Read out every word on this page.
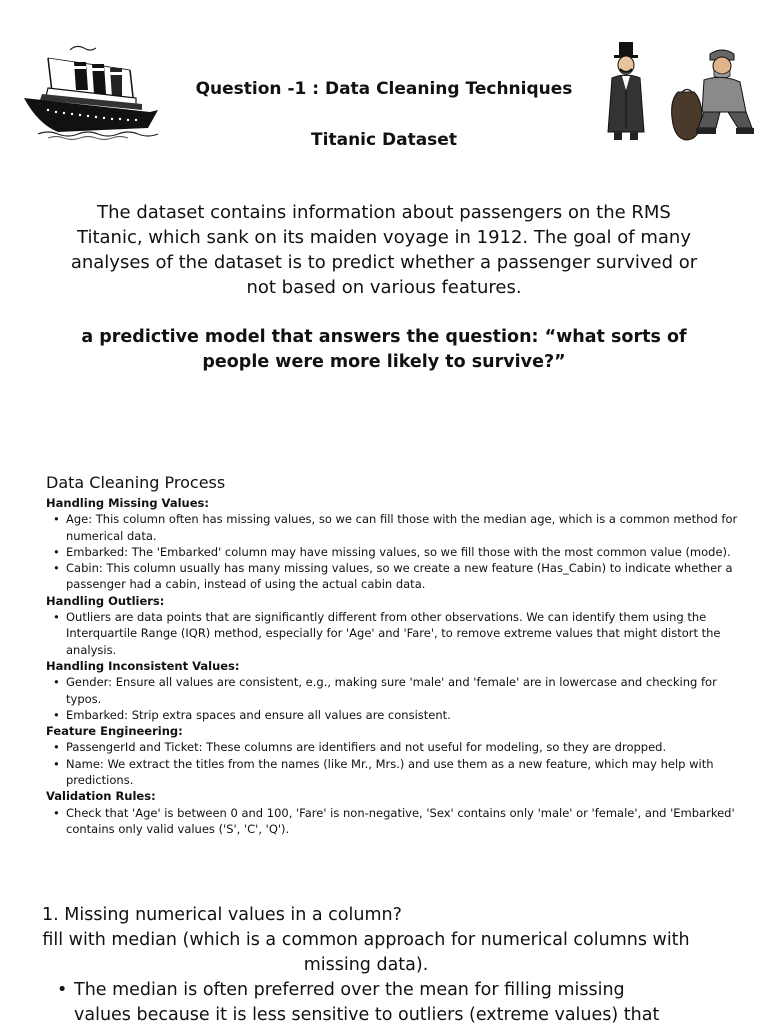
Question -1 : Data Cleaning Techniques

Titanic Dataset

The dataset contains information about passengers on the RMS Titanic, which sank on its maiden voyage in 1912. The goal of many analyses of the dataset is to predict whether a passenger survived or not based on various features.

a predictive model that answers the question: “what sorts of people were more likely to survive?”

Data Cleaning Process

Handling Missing Values:

• Age: This column often has missing values, so we can fill those with the median age, which is a common method for numerical data.
• Embarked: The 'Embarked' column may have missing values, so we fill those with the most common value (mode).
• Cabin: This column usually has many missing values, so we create a new feature (Has_Cabin) to indicate whether a passenger had a cabin, instead of using the actual cabin data.

Handling Outliers:

• Outliers are data points that are significantly different from other observations. We can identify them using the Interquartile Range (IQR) method, especially for 'Age' and 'Fare', to remove extreme values that might distort the analysis.

Handling Inconsistent Values:

• Gender: Ensure all values are consistent, e.g., making sure 'male' and 'female' are in lowercase and checking for typos.
• Embarked: Strip extra spaces and ensure all values are consistent.

Feature Engineering:

• PassengerId and Ticket: These columns are identifiers and not useful for modeling, so they are dropped.
• Name: We extract the titles from the names (like Mr., Mrs.) and use them as a new feature, which may help with predictions.

Validation Rules:

• Check that 'Age' is between 0 and 100, 'Fare' is non-negative, 'Sex' contains only 'male' or 'female', and 'Embarked' contains only valid values ('S', 'C', 'Q').

1. Missing numerical values in a column?

fill with median (which is a common approach for numerical columns with missing data).

• The median is often preferred over the mean for filling missing values because it is less sensitive to outliers (extreme values) that
